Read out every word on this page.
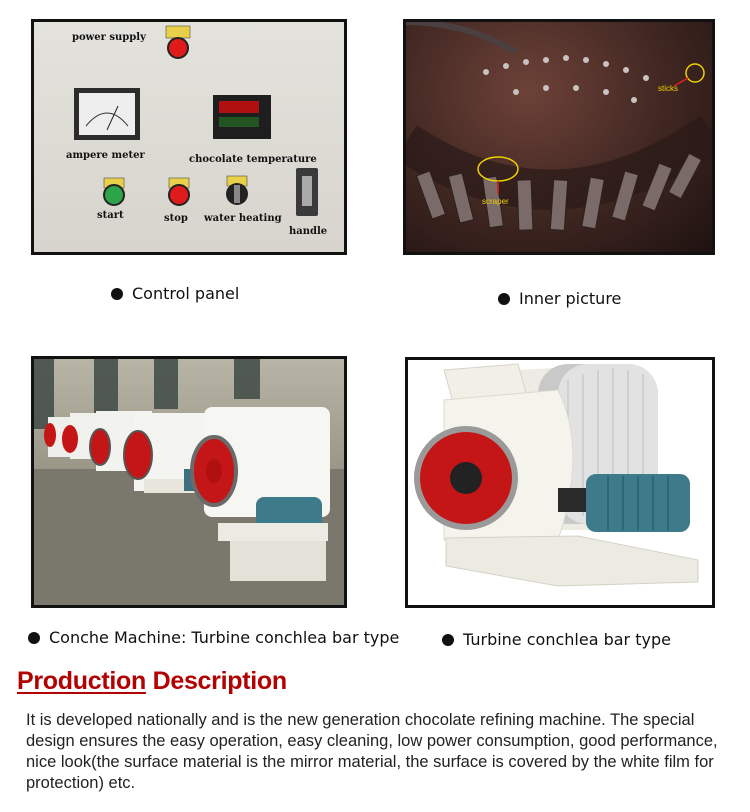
power supply
ampere meter	chocolate temperature
start	stop water heating
handle
Control panel
sticks
scraper
Inner picture
Conche Machine: Turbine conchlea bar type	Turbine conchlea bar type
Production Description
It is developed nationally and is the new generation chocolate refining machine. The special design ensures the easy operation, easy cleaning, low power consumption, good performance, nice look(the surface material is the mirror material, the surface is covered by the white film for protection) etc.
